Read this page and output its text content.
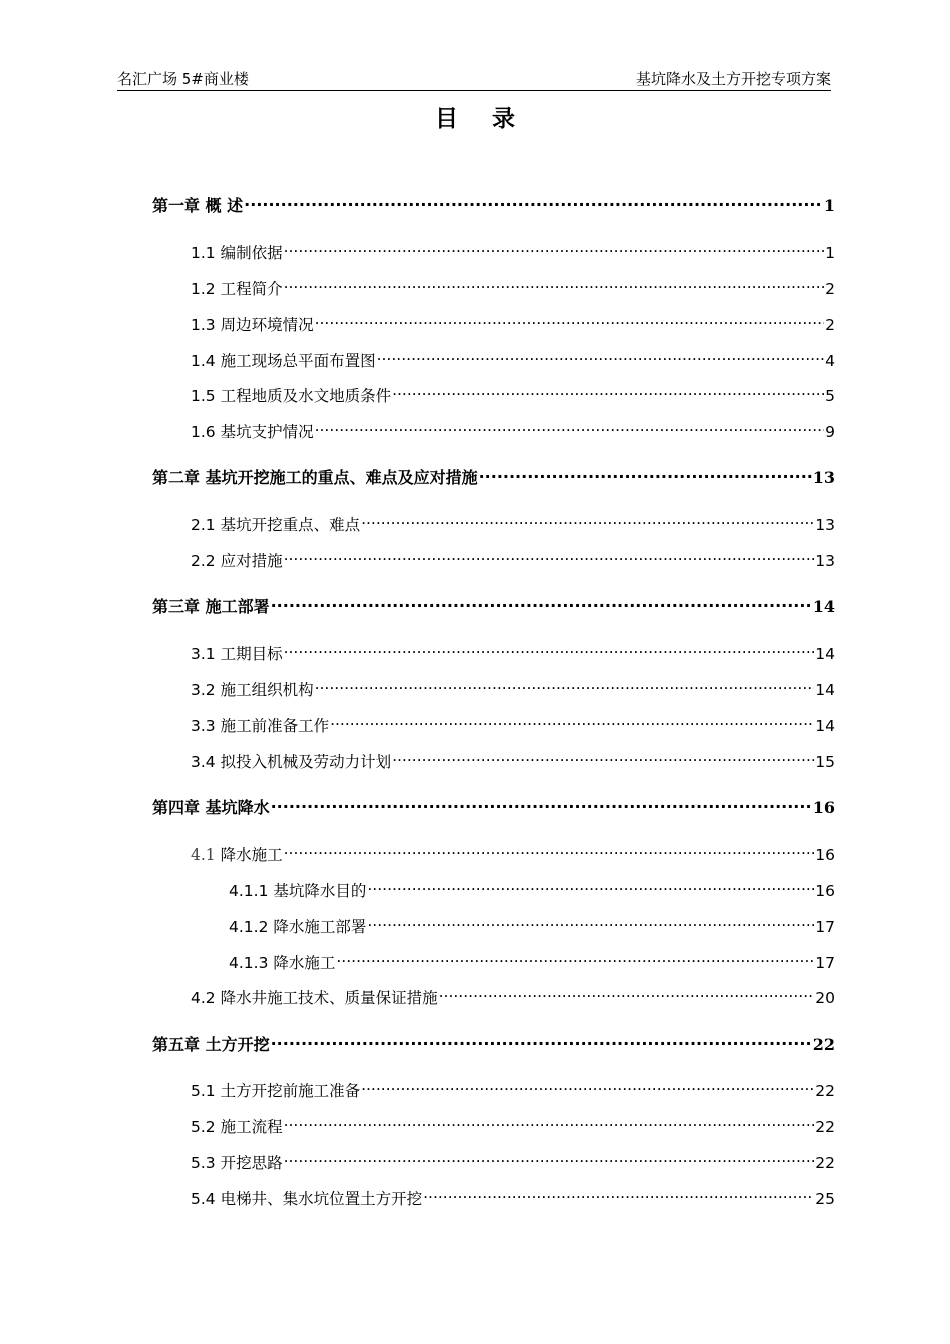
名汇广场 5#商业楼	基坑降水及土方开挖专项方案
目录
第一章 概 述 .....	1
1.1 编制依据 .....	1
1.2 工程简介 .....	2
1.3 周边环境情况 .....	2
1.4 施工现场总平面布置图 .....	4
1.5 工程地质及水文地质条件 .....	5
1.6 基坑支护情况 .....	9
第二章 基坑开挖施工的重点、难点及应对措施 .....	13
2.1 基坑开挖重点、难点 .....	13
2.2 应对措施 .....	13
第三章 施工部署 .....	14
3.1 工期目标 .....	14
3.2 施工组织机构 .....	14
3.3 施工前准备工作 .....	14
3.4 拟投入机械及劳动力计划 .....	15
第四章 基坑降水 .....	16
4.1 降水施工 .....	16
4.1.1 基坑降水目的 .....	16
4.1.2 降水施工部署 .....	17
4.1.3 降水施工 .....	17
4.2 降水井施工技术、质量保证措施 .....	20
第五章 土方开挖 .....	22
5.1 土方开挖前施工准备 .....	22
5.2 施工流程 .....	22
5.3 开挖思路 .....	22
5.4 电梯井、集水坑位置土方开挖 .....	25
